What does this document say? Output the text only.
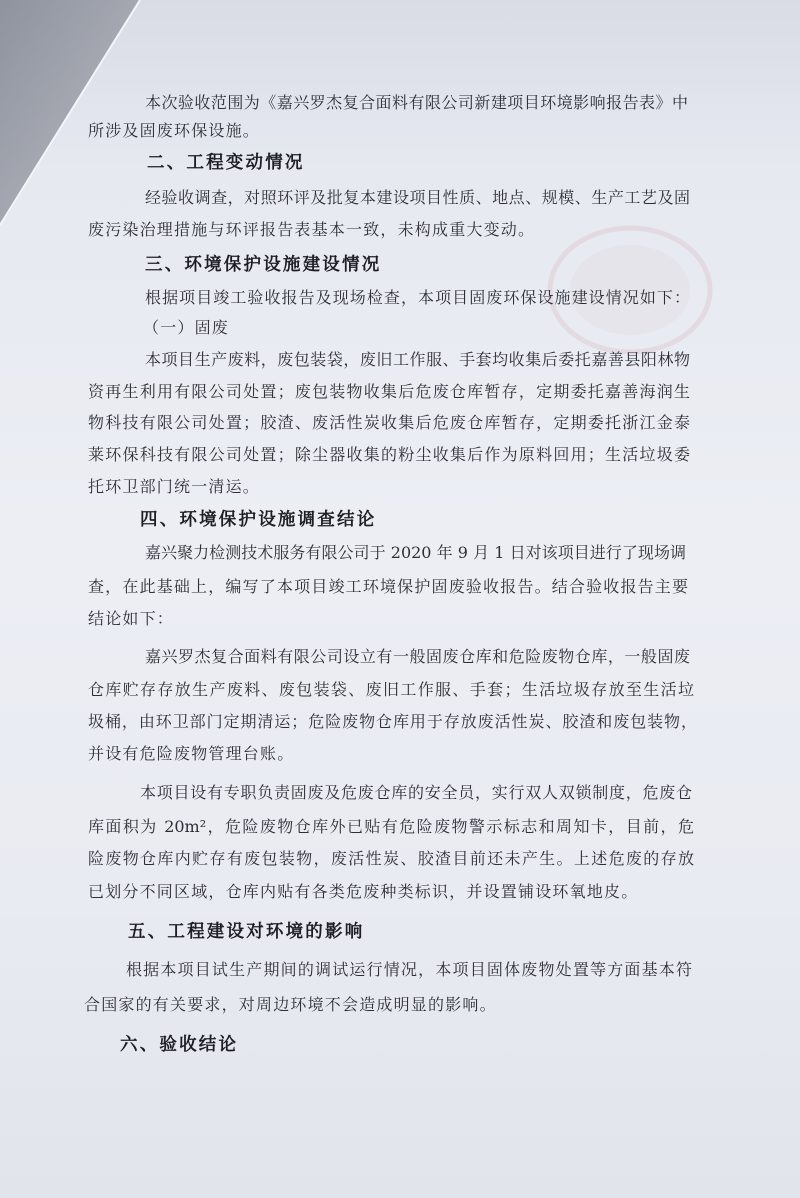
本次验收范围为《嘉兴罗杰复合面料有限公司新建项目环境影响报告表》中
所涉及固废环保设施。
二、工程变动情况
经验收调查，对照环评及批复本建设项目性质、地点、规模、生产工艺及固
废污染治理措施与环评报告表基本一致，未构成重大变动。
三、环境保护设施建设情况
根据项目竣工验收报告及现场检查，本项目固废环保设施建设情况如下：
（一）固废
本项目生产废料，废包装袋，废旧工作服、手套均收集后委托嘉善县阳林物
资再生利用有限公司处置；废包装物收集后危废仓库暂存，定期委托嘉善海润生
物科技有限公司处置；胶渣、废活性炭收集后危废仓库暂存，定期委托浙江金泰
莱环保科技有限公司处置；除尘器收集的粉尘收集后作为原料回用；生活垃圾委
托环卫部门统一清运。
四、环境保护设施调查结论
嘉兴聚力检测技术服务有限公司于 2020 年 9 月 1 日对该项目进行了现场调
查，在此基础上，编写了本项目竣工环境保护固废验收报告。结合验收报告主要
结论如下：
嘉兴罗杰复合面料有限公司设立有一般固废仓库和危险废物仓库，一般固废
仓库贮存存放生产废料、废包装袋、废旧工作服、手套；生活垃圾存放至生活垃
圾桶，由环卫部门定期清运；危险废物仓库用于存放废活性炭、胶渣和废包装物，
并设有危险废物管理台账。
本项目设有专职负责固废及危废仓库的安全员，实行双人双锁制度，危废仓
库面积为 20m²，危险废物仓库外已贴有危险废物警示标志和周知卡，目前，危
险废物仓库内贮存有废包装物，废活性炭、胶渣目前还未产生。上述危废的存放
已划分不同区域，仓库内贴有各类危废种类标识，并设置铺设环氧地皮。
五、工程建设对环境的影响
根据本项目试生产期间的调试运行情况，本项目固体废物处置等方面基本符
合国家的有关要求，对周边环境不会造成明显的影响。
六、验收结论
